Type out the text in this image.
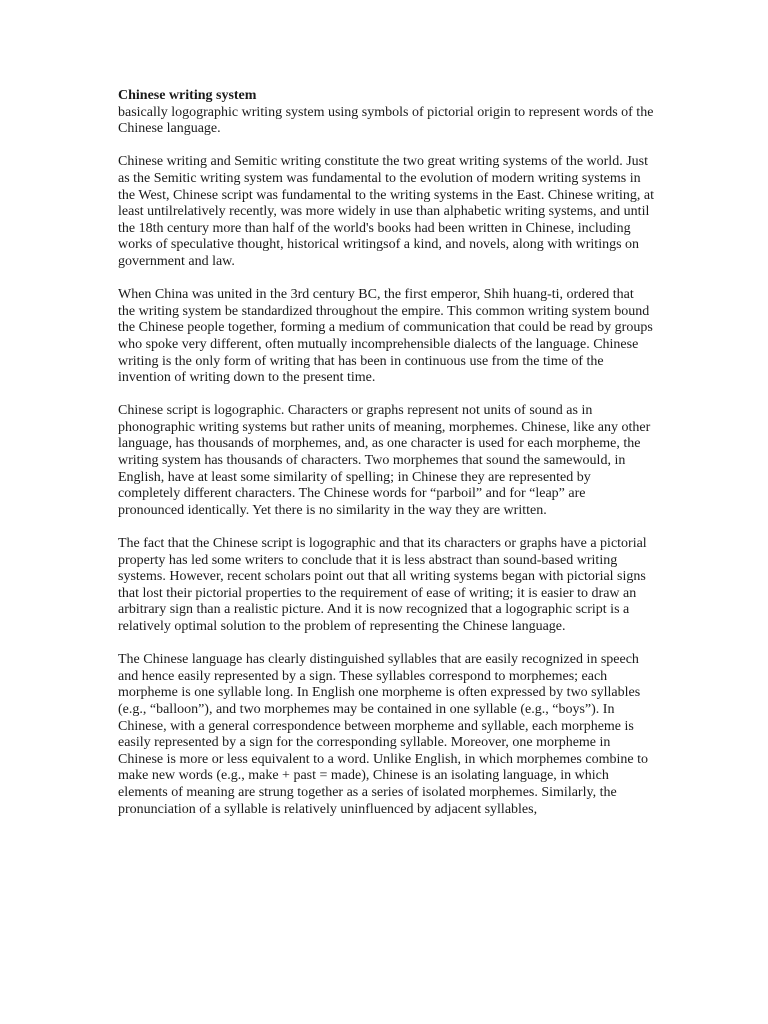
Chinese writing system

basically logographic writing system using symbols of pictorial origin to represent words of the Chinese language.

Chinese writing and Semitic writing constitute the two great writing systems of the world. Just as the Semitic writing system was fundamental to the evolution of modern writing systems in the West, Chinese script was fundamental to the writing systems in the East. Chinese writing, at least untilrelatively recently, was more widely in use than alphabetic writing systems, and until the 18th century more than half of the world's books had been written in Chinese, including works of speculative thought, historical writingsof a kind, and novels, along with writings on government and law.

When China was united in the 3rd century BC, the first emperor, Shih huang-ti, ordered that the writing system be standardized throughout the empire. This common writing system bound the Chinese people together, forming a medium of communication that could be read by groups who spoke very different, often mutually incomprehensible dialects of the language. Chinese writing is the only form of writing that has been in continuous use from the time of the invention of writing down to the present time.

Chinese script is logographic. Characters or graphs represent not units of sound as in phonographic writing systems but rather units of meaning, morphemes. Chinese, like any other language, has thousands of morphemes, and, as one character is used for each morpheme, the writing system has thousands of characters. Two morphemes that sound the samewould, in English, have at least some similarity of spelling; in Chinese they are represented by completely different characters. The Chinese words for “parboil” and for “leap” are pronounced identically. Yet there is no similarity in the way they are written.

The fact that the Chinese script is logographic and that its characters or graphs have a pictorial property has led some writers to conclude that it is less abstract than sound-based writing systems. However, recent scholars point out that all writing systems began with pictorial signs that lost their pictorial properties to the requirement of ease of writing; it is easier to draw an arbitrary sign than a realistic picture. And it is now recognized that a logographic script is a relatively optimal solution to the problem of representing the Chinese language.

The Chinese language has clearly distinguished syllables that are easily recognized in speech and hence easily represented by a sign. These syllables correspond to morphemes; each morpheme is one syllable long. In English one morpheme is often expressed by two syllables (e.g., “balloon”), and two morphemes may be contained in one syllable (e.g., “boys”). In Chinese, with a general correspondence between morpheme and syllable, each morpheme is easily represented by a sign for the corresponding syllable. Moreover, one morpheme in Chinese is more or less equivalent to a word. Unlike English, in which morphemes combine to make new words (e.g., make + past = made), Chinese is an isolating language, in which elements of meaning are strung together as a series of isolated morphemes. Similarly, the pronunciation of a syllable is relatively uninfluenced by adjacent syllables,
